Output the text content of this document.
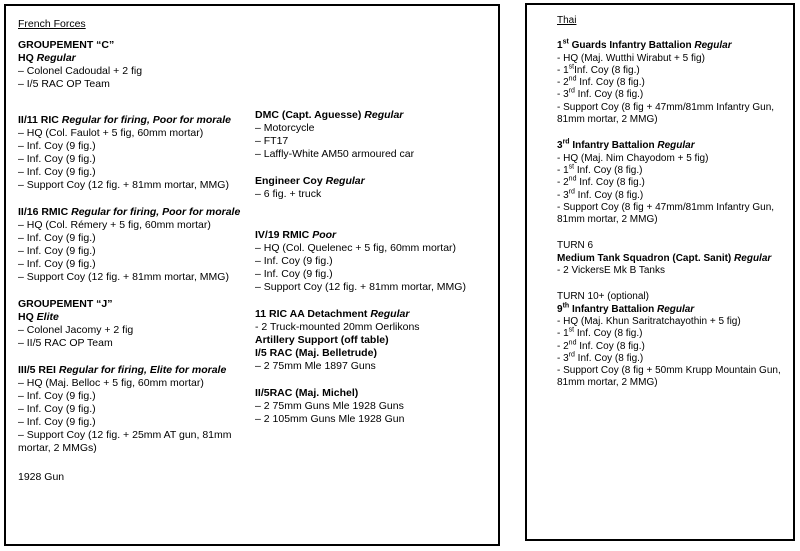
French Forces
GROUPEMENT “C”
HQ Regular
– Colonel Cadoudal + 2 fig
– I/5 RAC OP Team
II/11 RIC Regular for firing, Poor for morale
– HQ (Col. Faulot + 5 fig, 60mm mortar)
– Inf. Coy (9 fig.)
– Inf. Coy (9 fig.)
– Inf. Coy (9 fig.)
– Support Coy (12 fig. + 81mm mortar, MMG)
II/16 RMIC Regular for firing, Poor for morale
– HQ (Col. Rémery + 5 fig, 60mm mortar)
– Inf. Coy (9 fig.)
– Inf. Coy (9 fig.)
– Inf. Coy (9 fig.)
– Support Coy (12 fig. + 81mm mortar, MMG)
GROUPEMENT “J”
HQ Elite
– Colonel Jacomy + 2 fig
– II/5 RAC OP Team
III/5 REI Regular for firing, Elite for morale
– HQ (Maj. Belloc + 5 fig, 60mm mortar)
– Inf. Coy (9 fig.)
– Inf. Coy (9 fig.)
– Inf. Coy (9 fig.)
– Support Coy (12 fig. + 25mm AT gun, 81mm mortar, 2 MMGs)
1928 Gun
DMC (Capt. Aguesse) Regular
– Motorcycle
– FT17
– Laffly-White AM50 armoured car
Engineer Coy Regular
– 6 fig. + truck
IV/19 RMIC Poor
– HQ (Col. Quelenec + 5 fig, 60mm mortar)
– Inf. Coy (9 fig.)
– Inf. Coy (9 fig.)
– Support Coy (12 fig. + 81mm mortar, MMG)
11 RIC AA Detachment Regular
- 2 Truck-mounted 20mm Oerlikons
Artillery Support (off table)
I/5 RAC (Maj. Belletrude)
– 2 75mm Mle 1897 Guns
II/5RAC (Maj. Michel)
– 2 75mm Guns Mle 1928 Guns
– 2 105mm Guns Mle 1928 Gun
Thai
1st Guards Infantry Battalion Regular
- HQ (Maj. Wutthi Wirabut + 5 fig)
- 1stInf. Coy (8 fig.)
- 2nd Inf. Coy (8 fig.)
- 3rd Inf. Coy (8 fig.)
- Support Coy (8 fig + 47mm/81mm Infantry Gun, 81mm mortar, 2 MMG)
3rd Infantry Battalion Regular
- HQ (Maj. Nim Chayodom + 5 fig)
- 1st Inf. Coy (8 fig.)
- 2nd Inf. Coy (8 fig.)
- 3rd Inf. Coy (8 fig.)
- Support Coy (8 fig + 47mm/81mm Infantry Gun, 81mm mortar, 2 MMG)
TURN 6
Medium Tank Squadron (Capt. Sanit) Regular
- 2 VickersE Mk B Tanks
TURN 10+ (optional)
9th Infantry Battalion Regular
- HQ (Maj. Khun Saritratchayothin + 5 fig)
- 1st Inf. Coy (8 fig.)
- 2nd Inf. Coy (8 fig.)
- 3rd Inf. Coy (8 fig.)
- Support Coy (8 fig + 50mm Krupp Mountain Gun, 81mm mortar, 2 MMG)
